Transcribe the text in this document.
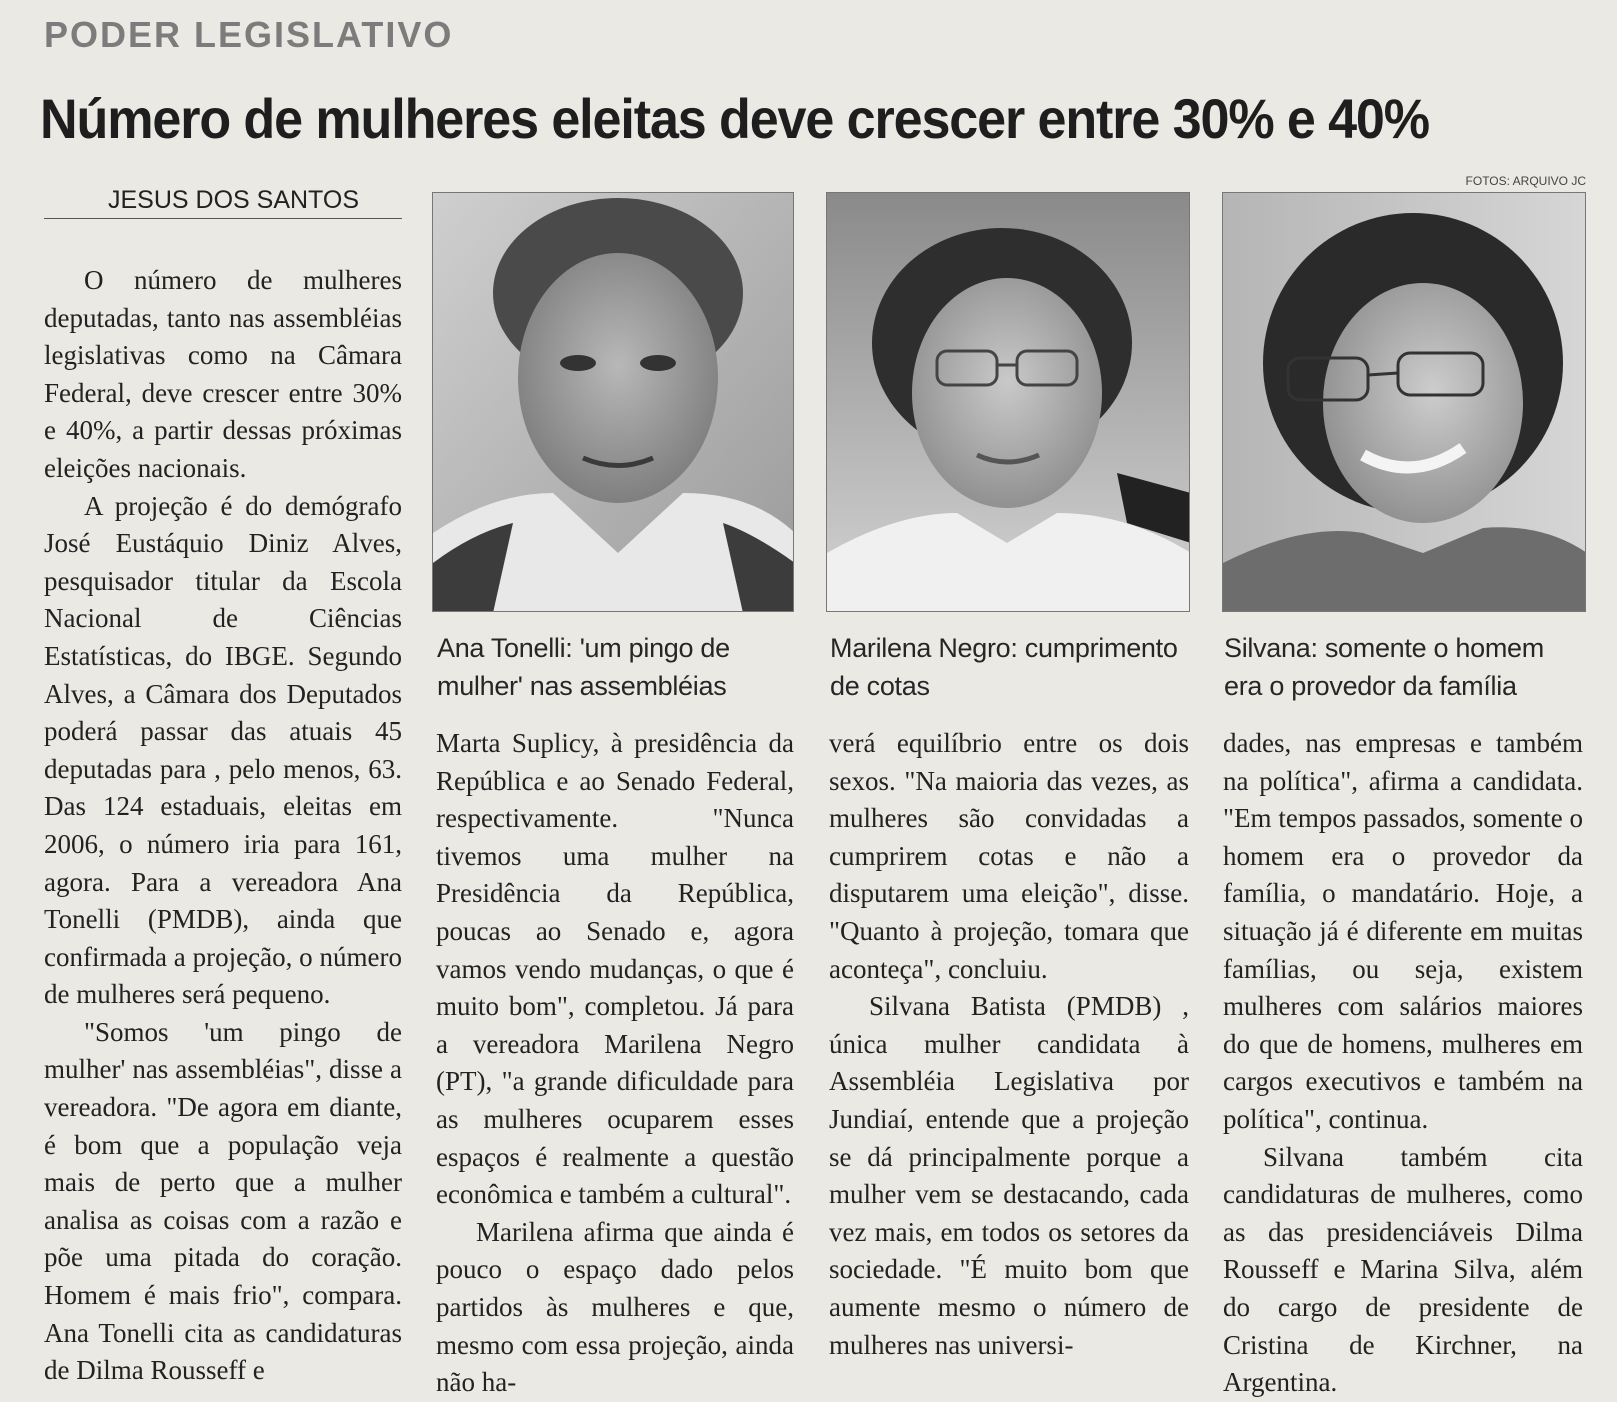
PODER LEGISLATIVO
Número de mulheres eleitas deve crescer entre 30% e 40%
FOTOS: ARQUIVO JC
JESUS DOS SANTOS

O número de mulheres deputadas, tanto nas assembléias legislativas como na Câmara Federal, deve crescer entre 30% e 40%, a partir dessas próximas eleições nacionais.

A projeção é do demógrafo José Eustáquio Diniz Alves, pesquisador titular da Escola Nacional de Ciências Estatísticas, do IBGE. Segundo Alves, a Câmara dos Deputados poderá passar das atuais 45 deputadas para , pelo menos, 63. Das 124 estaduais, eleitas em 2006, o número iria para 161, agora. Para a vereadora Ana Tonelli (PMDB), ainda que confirmada a projeção, o número de mulheres será pequeno.

"Somos 'um pingo de mulher' nas assembléias", disse a vereadora. "De agora em diante, é bom que a população veja mais de perto que a mulher analisa as coisas com a razão e põe uma pitada do coração. Homem é mais frio", compara. Ana Tonelli cita as candidaturas de Dilma Rousseff e

Ana Tonelli: 'um pingo de mulher' nas assembléias
Marilena Negro: cumprimento de cotas
Silvana: somente o homem era o provedor da família

Marta Suplicy, à presidência da República e ao Senado Federal, respectivamente. "Nunca tivemos uma mulher na Presidência da República, poucas ao Senado e, agora vamos vendo mudanças, o que é muito bom", completou. Já para a vereadora Marilena Negro (PT), "a grande dificuldade para as mulheres ocuparem esses espaços é realmente a questão econômica e também a cultural".

Marilena afirma que ainda é pouco o espaço dado pelos partidos às mulheres e que, mesmo com essa projeção, ainda não ha-

verá equilíbrio entre os dois sexos. "Na maioria das vezes, as mulheres são convidadas a cumprirem cotas e não a disputarem uma eleição", disse. "Quanto à projeção, tomara que aconteça", concluiu.

Silvana Batista (PMDB) , única mulher candidata à Assembléia Legislativa por Jundiaí, entende que a projeção se dá principalmente porque a mulher vem se destacando, cada vez mais, em todos os setores da sociedade. "É muito bom que aumente mesmo o número de mulheres nas universi-

dades, nas empresas e também na política", afirma a candidata. "Em tempos passados, somente o homem era o provedor da família, o mandatário. Hoje, a situação já é diferente em muitas famílias, ou seja, existem mulheres com salários maiores do que de homens, mulheres em cargos executivos e também na política", continua.

Silvana também cita candidaturas de mulheres, como as das presidenciáveis Dilma Rousseff e Marina Silva, além do cargo de presidente de Cristina de Kirchner, na Argentina.
